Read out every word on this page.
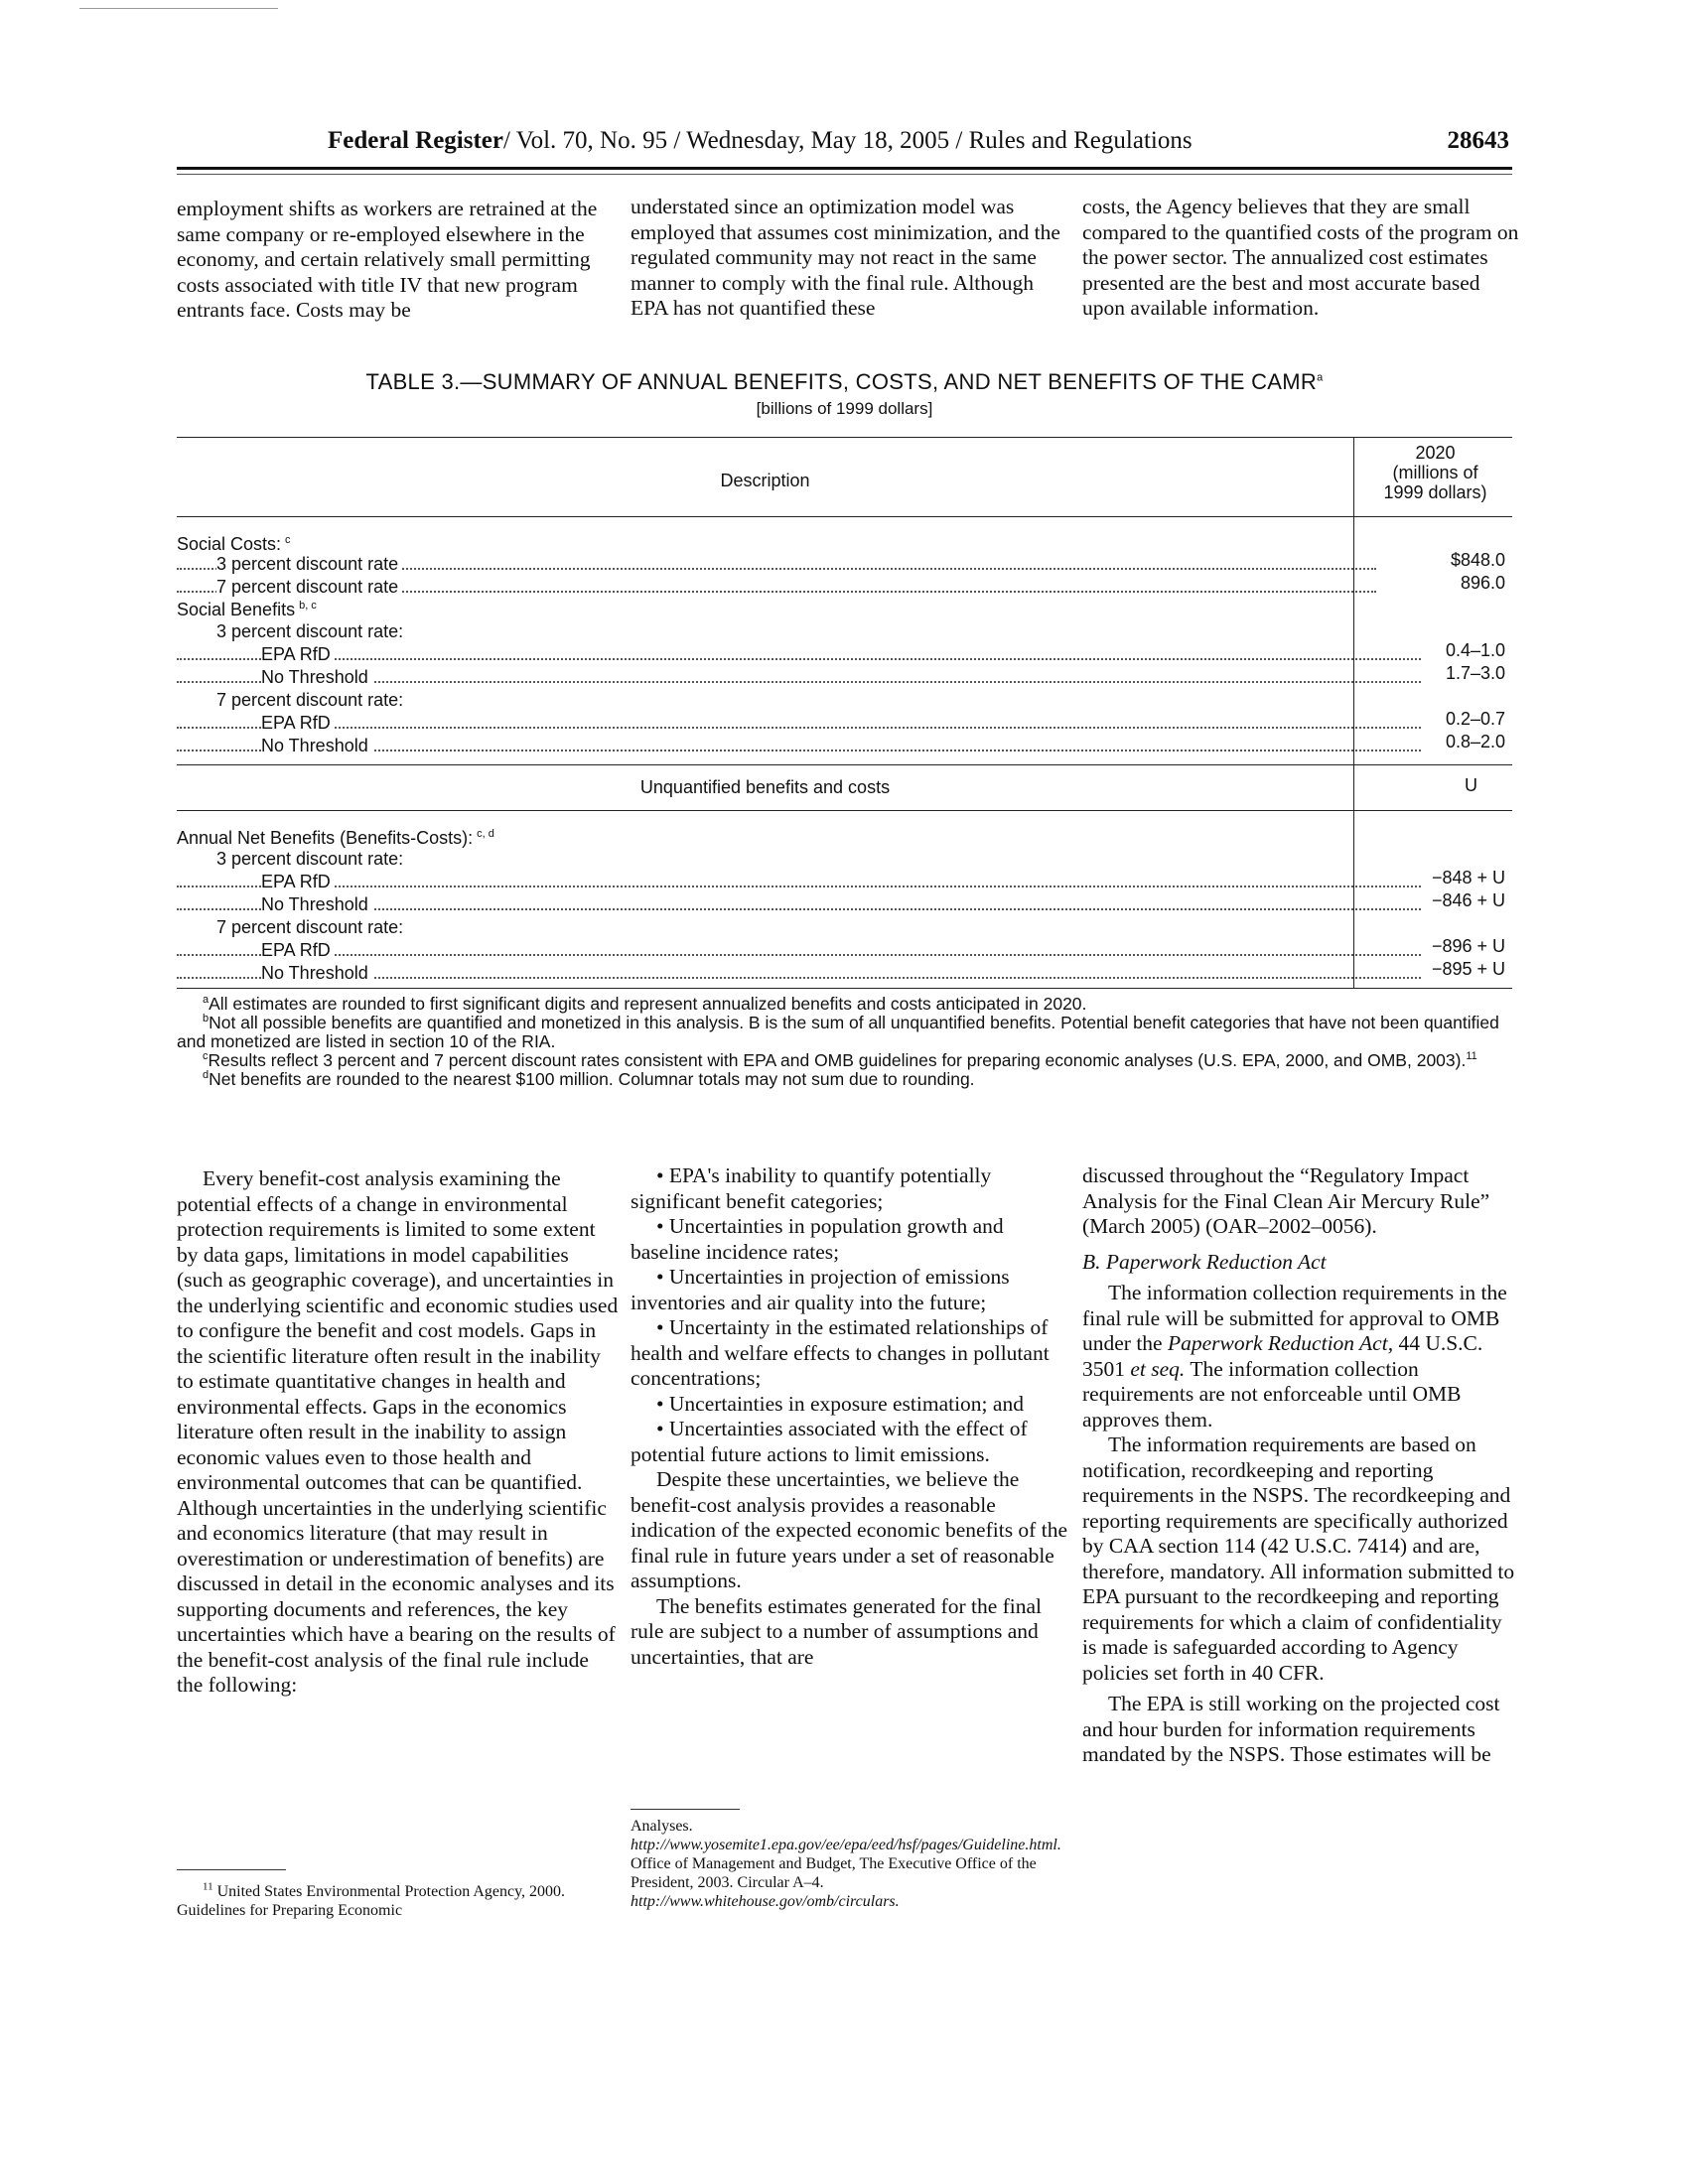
Federal Register/ Vol. 70, No. 95 / Wednesday, May 18, 2005 / Rules and Regulations	28643

employment shifts as workers are retrained at the same company or re-employed elsewhere in the economy, and certain relatively small permitting costs associated with title IV that new program entrants face. Costs may be

understated since an optimization model was employed that assumes cost minimization, and the regulated community may not react in the same manner to comply with the final rule. Although EPA has not quantified these

costs, the Agency believes that they are small compared to the quantified costs of the program on the power sector. The annualized cost estimates presented are the best and most accurate based upon available information.

TABLE 3.—SUMMARY OF ANNUAL BENEFITS, COSTS, AND NET BENEFITS OF THE CAMR$^a$
[billions of 1999 dollars]
Description
2020
(millions of
1999 dollars)
Social Costs: $^c$
3 percent discount rate	$848.0
7 percent discount rate	896.0
Social Benefits $^{b, c}$
3 percent discount rate:
EPA RfD	0.4–1.0
No Threshold	1.7–3.0
7 percent discount rate:
EPA RfD	0.2–0.7
No Threshold	0.8–2.0
Unquantified benefits and costs	U
Annual Net Benefits (Benefits-Costs): $^{c, d}$
3 percent discount rate:
EPA RfD	−848 + U
No Threshold	−846 + U
7 percent discount rate:
EPA RfD	−896 + U
No Threshold	−895 + U

$^a$All estimates are rounded to first significant digits and represent annualized benefits and costs anticipated in 2020.

$^b$Not all possible benefits are quantified and monetized in this analysis. B is the sum of all unquantified benefits. Potential benefit categories that have not been quantified and monetized are listed in section 10 of the RIA.

$^c$Results reflect 3 percent and 7 percent discount rates consistent with EPA and OMB guidelines for preparing economic analyses (U.S. EPA, 2000, and OMB, 2003).$^{11}$

$^d$Net benefits are rounded to the nearest $100 million. Columnar totals may not sum due to rounding.

Every benefit-cost analysis examining the potential effects of a change in environmental protection requirements is limited to some extent by data gaps, limitations in model capabilities (such as geographic coverage), and uncertainties in the underlying scientific and economic studies used to configure the benefit and cost models. Gaps in the scientific literature often result in the inability to estimate quantitative changes in health and environmental effects. Gaps in the economics literature often result in the inability to assign economic values even to those health and environmental outcomes that can be quantified. Although uncertainties in the underlying scientific and economics literature (that may result in overestimation or underestimation of benefits) are discussed in detail in the economic analyses and its supporting documents and references, the key uncertainties which have a bearing on the results of the benefit-cost analysis of the final rule include the following:

$^{11}$ United States Environmental Protection Agency, 2000. Guidelines for Preparing Economic

• EPA's inability to quantify potentially significant benefit categories;

• Uncertainties in population growth and baseline incidence rates;

• Uncertainties in projection of emissions inventories and air quality into the future;

• Uncertainty in the estimated relationships of health and welfare effects to changes in pollutant concentrations;

• Uncertainties in exposure estimation; and

• Uncertainties associated with the effect of potential future actions to limit emissions.

Despite these uncertainties, we believe the benefit-cost analysis provides a reasonable indication of the expected economic benefits of the final rule in future years under a set of reasonable assumptions.

The benefits estimates generated for the final rule are subject to a number of assumptions and uncertainties, that are

Analyses. http://www.yosemite1.epa.gov/ee/epa/eed/hsf/pages/Guideline.html. Office of Management and Budget, The Executive Office of the President, 2003. Circular A–4. http://www.whitehouse.gov/omb/circulars.

discussed throughout the “Regulatory Impact Analysis for the Final Clean Air Mercury Rule” (March 2005) (OAR–2002–0056).

B. Paperwork Reduction Act

The information collection requirements in the final rule will be submitted for approval to OMB under the Paperwork Reduction Act, 44 U.S.C. 3501 et seq. The information collection requirements are not enforceable until OMB approves them.

The information requirements are based on notification, recordkeeping and reporting requirements in the NSPS. The recordkeeping and reporting requirements are specifically authorized by CAA section 114 (42 U.S.C. 7414) and are, therefore, mandatory. All information submitted to EPA pursuant to the recordkeeping and reporting requirements for which a claim of confidentiality is made is safeguarded according to Agency policies set forth in 40 CFR.

The EPA is still working on the projected cost and hour burden for information requirements mandated by the NSPS. Those estimates will be
